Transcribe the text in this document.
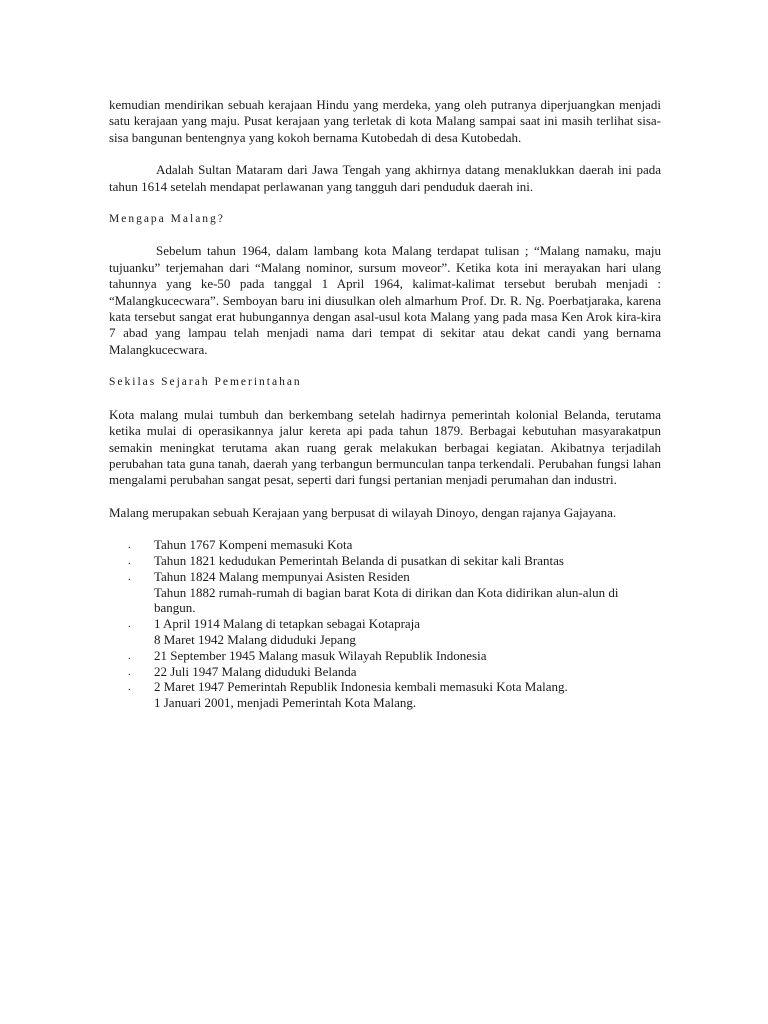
kemudian mendirikan sebuah kerajaan Hindu yang merdeka, yang oleh putranya diperjuangkan menjadi satu kerajaan yang maju. Pusat kerajaan yang terletak di kota Malang sampai saat ini masih terlihat sisa-sisa bangunan bentengnya yang kokoh bernama Kutobedah di desa Kutobedah.

Adalah Sultan Mataram dari Jawa Tengah yang akhirnya datang menaklukkan daerah ini pada tahun 1614 setelah mendapat perlawanan yang tangguh dari penduduk daerah ini.

Mengapa Malang?

Sebelum tahun 1964, dalam lambang kota Malang terdapat tulisan ; “Malang namaku, maju tujuanku” terjemahan dari “Malang nominor, sursum moveor”. Ketika kota ini merayakan hari ulang tahunnya yang ke-50 pada tanggal 1 April 1964, kalimat-kalimat tersebut berubah menjadi : “Malangkucecwara”. Semboyan baru ini diusulkan oleh almarhum Prof. Dr. R. Ng. Poerbatjaraka, karena kata tersebut sangat erat hubungannya dengan asal-usul kota Malang yang pada masa Ken Arok kira-kira 7 abad yang lampau telah menjadi nama dari tempat di sekitar atau dekat candi yang bernama Malangkucecwara.

Sekilas Sejarah Pemerintahan

Kota malang mulai tumbuh dan berkembang setelah hadirnya pemerintah kolonial Belanda, terutama ketika mulai di operasikannya jalur kereta api pada tahun 1879. Berbagai kebutuhan masyarakatpun semakin meningkat terutama akan ruang gerak melakukan berbagai kegiatan. Akibatnya terjadilah perubahan tata guna tanah, daerah yang terbangun bermunculan tanpa terkendali. Perubahan fungsi lahan mengalami perubahan sangat pesat, seperti dari fungsi pertanian menjadi perumahan dan industri.

Malang merupakan sebuah Kerajaan yang berpusat di wilayah Dinoyo, dengan rajanya Gajayana.

. Tahun 1767 Kompeni memasuki Kota
. Tahun 1821 kedudukan Pemerintah Belanda di pusatkan di sekitar kali Brantas
. Tahun 1824 Malang mempunyai Asisten Residen
Tahun 1882 rumah-rumah di bagian barat Kota di dirikan dan Kota didirikan alun-alun di bangun.
. 1 April 1914 Malang di tetapkan sebagai Kotapraja
8 Maret 1942 Malang diduduki Jepang
. 21 September 1945 Malang masuk Wilayah Republik Indonesia
. 22 Juli 1947 Malang diduduki Belanda
. 2 Maret 1947 Pemerintah Republik Indonesia kembali memasuki Kota Malang.
1 Januari 2001, menjadi Pemerintah Kota Malang.
